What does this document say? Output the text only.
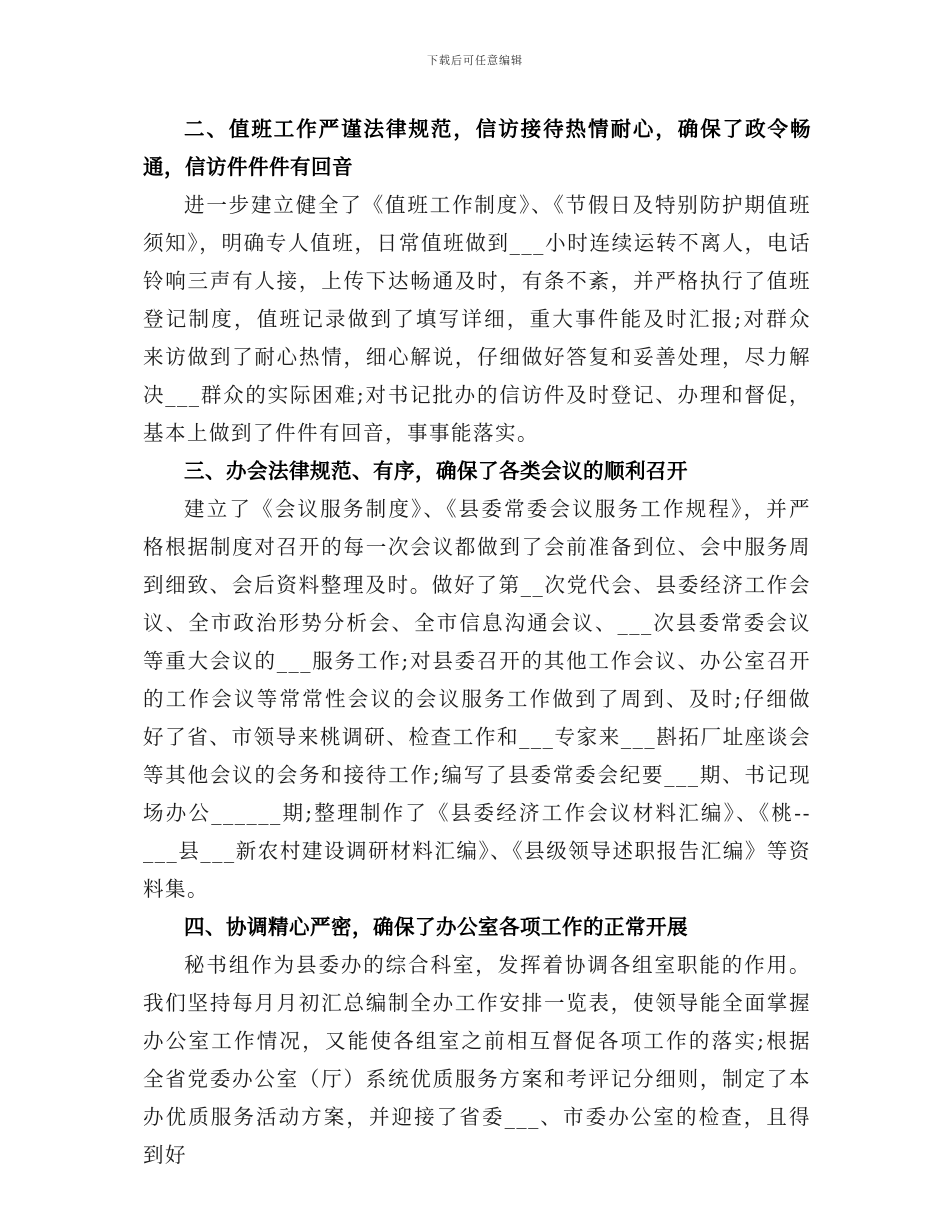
下载后可任意编辑

二、值班工作严谨法律规范，信访接待热情耐心，确保了政令畅通，信访件件件有回音

进一步建立健全了《值班工作制度》、《节假日及特别防护期值班须知》，明确专人值班，日常值班做到___小时连续运转不离人，电话铃响三声有人接，上传下达畅通及时，有条不紊，并严格执行了值班登记制度，值班记录做到了填写详细，重大事件能及时汇报;对群众来访做到了耐心热情，细心解说，仔细做好答复和妥善处理，尽力解决___群众的实际困难;对书记批办的信访件及时登记、办理和督促，基本上做到了件件有回音，事事能落实。

三、办会法律规范、有序，确保了各类会议的顺利召开

建立了《会议服务制度》、《县委常委会议服务工作规程》，并严格根据制度对召开的每一次会议都做到了会前准备到位、会中服务周到细致、会后资料整理及时。做好了第__次党代会、县委经济工作会议、全市政治形势分析会、全市信息沟通会议、___次县委常委会议等重大会议的___服务工作;对县委召开的其他工作会议、办公室召开的工作会议等常常性会议的会议服务工作做到了周到、及时;仔细做好了省、市领导来桃调研、检查工作和___专家来___斟拓厂址座谈会等其他会议的会务和接待工作;编写了县委常委会纪要___期、书记现场办公______期;整理制作了《县委经济工作会议材料汇编》、《桃--___县___新农村建设调研材料汇编》、《县级领导述职报告汇编》等资料集。

四、协调精心严密，确保了办公室各项工作的正常开展

秘书组作为县委办的综合科室，发挥着协调各组室职能的作用。我们坚持每月月初汇总编制全办工作安排一览表，使领导能全面掌握办公室工作情况，又能使各组室之前相互督促各项工作的落实;根据全省党委办公室（厅）系统优质服务方案和考评记分细则，制定了本办优质服务活动方案，并迎接了省委___、市委办公室的检查，且得到好
